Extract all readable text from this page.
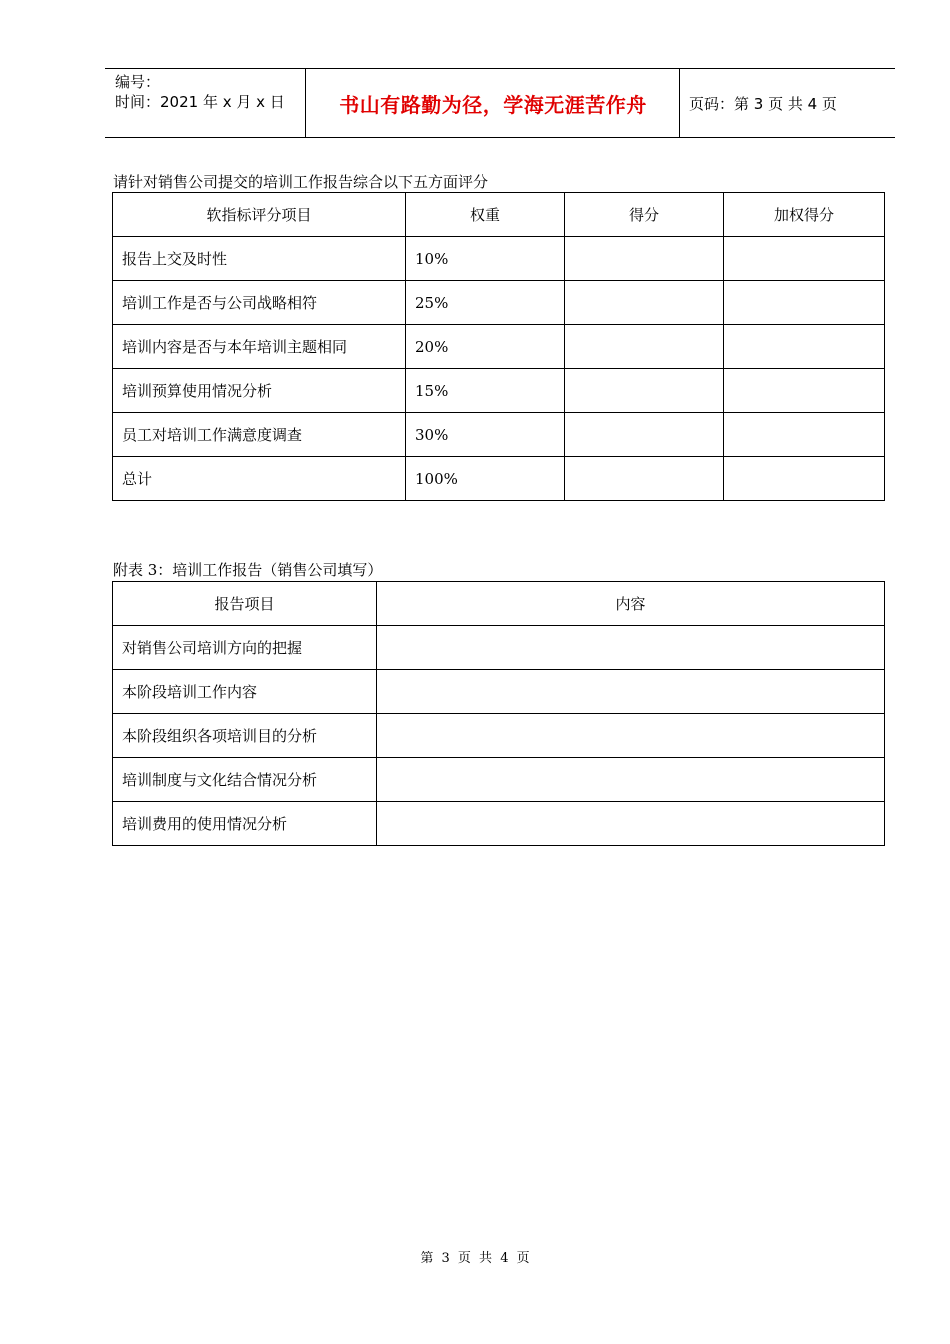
编号：
时间：2021 年 x 月 x 日	书山有路勤为径，学海无涯苦作舟	页码：第 3 页 共 4 页
请针对销售公司提交的培训工作报告综合以下五方面评分
软指标评分项目	权重	得分	加权得分
报告上交及时性	10%		
培训工作是否与公司战略相符	25%		
培训内容是否与本年培训主题相同	20%		
培训预算使用情况分析	15%		
员工对培训工作满意度调查	30%		
总计	100%		
附表 3：培训工作报告（销售公司填写）
报告项目	内容
对销售公司培训方向的把握	
本阶段培训工作内容	
本阶段组织各项培训目的分析	
培训制度与文化结合情况分析	
培训费用的使用情况分析	
第 3 页 共 4 页
